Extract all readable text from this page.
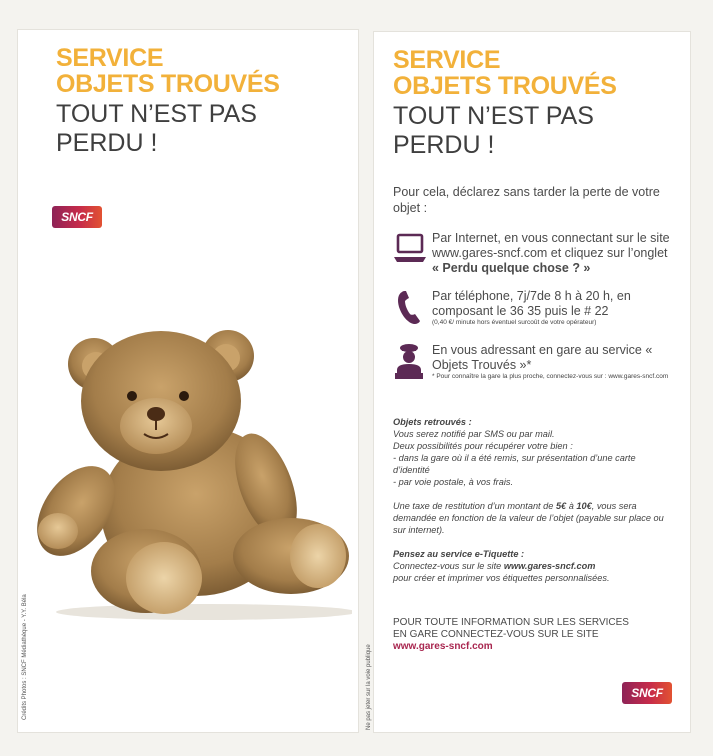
SERVICE
OBJETS TROUVÉS
TOUT N’EST PAS
PERDU !
SNCF
Crédits Photos : SNCF Médiathèque - Y.Y. Béla
SERVICE
OBJETS TROUVÉS
TOUT N’EST PAS
PERDU !
Pour cela, déclarez sans tarder la perte de votre objet :
Par Internet, en vous connectant sur le site www.gares-sncf.com et cliquez sur l’onglet « Perdu quelque chose ? »
Par téléphone, 7j/7de 8 h à 20 h, en composant le 36 35 puis le # 22
(0,40 €/ minute hors éventuel surcoût de votre opérateur)
En vous adressant en gare au service « Objets Trouvés »*
* Pour connaître la gare la plus proche, connectez-vous sur : www.gares-sncf.com
Objets retrouvés :
Vous serez notifié par SMS ou par mail.
Deux possibilités pour récupérer votre bien :
- dans la gare où il a été remis, sur présentation d’une carte d’identité
- par voie postale, à vos frais.
Une taxe de restitution d’un montant de 5€ à 10€, vous sera demandée en fonction de la valeur de l’objet (payable sur place ou sur internet).
Pensez au service e-Tiquette :
Connectez-vous sur le site www.gares-sncf.com
pour créer et imprimer vos étiquettes personnalisées.
POUR TOUTE INFORMATION SUR LES SERVICES
EN GARE CONNECTEZ-VOUS SUR LE SITE
www.gares-sncf.com
Ne pas jeter sur la voie publique	SNCF
